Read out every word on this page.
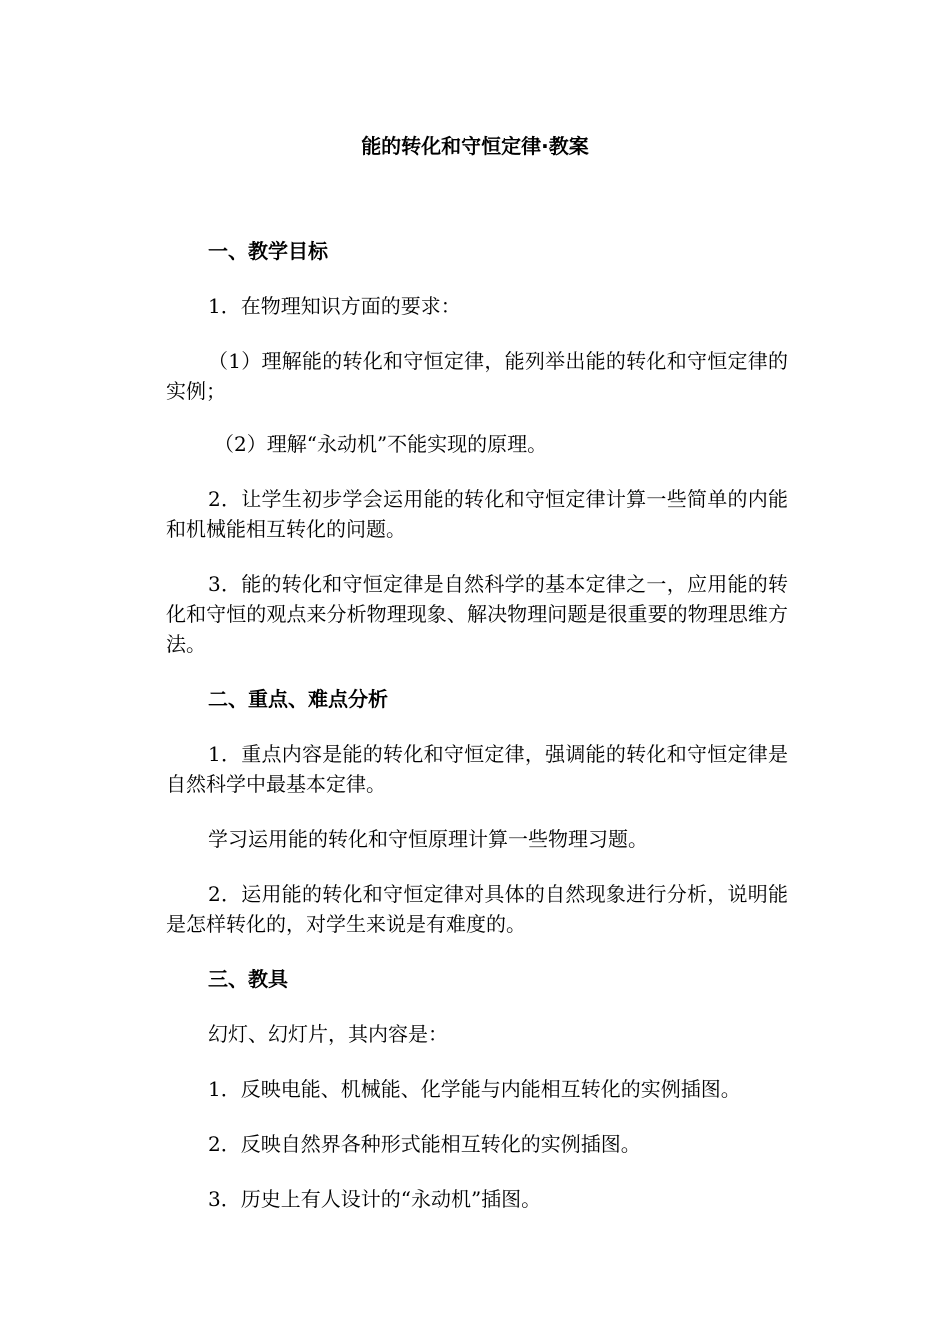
能的转化和守恒定律·教案

一、教学目标

1．在物理知识方面的要求：

（1）理解能的转化和守恒定律，能列举出能的转化和守恒定律的实例；

（2）理解“永动机”不能实现的原理。

2．让学生初步学会运用能的转化和守恒定律计算一些简单的内能和机械能相互转化的问题。

3．能的转化和守恒定律是自然科学的基本定律之一，应用能的转化和守恒的观点来分析物理现象、解决物理问题是很重要的物理思维方法。

二、重点、难点分析

1．重点内容是能的转化和守恒定律，强调能的转化和守恒定律是自然科学中最基本定律。

学习运用能的转化和守恒原理计算一些物理习题。

2．运用能的转化和守恒定律对具体的自然现象进行分析，说明能是怎样转化的，对学生来说是有难度的。

三、教具

幻灯、幻灯片，其内容是：

1．反映电能、机械能、化学能与内能相互转化的实例插图。

2．反映自然界各种形式能相互转化的实例插图。

3．历史上有人设计的“永动机”插图。
